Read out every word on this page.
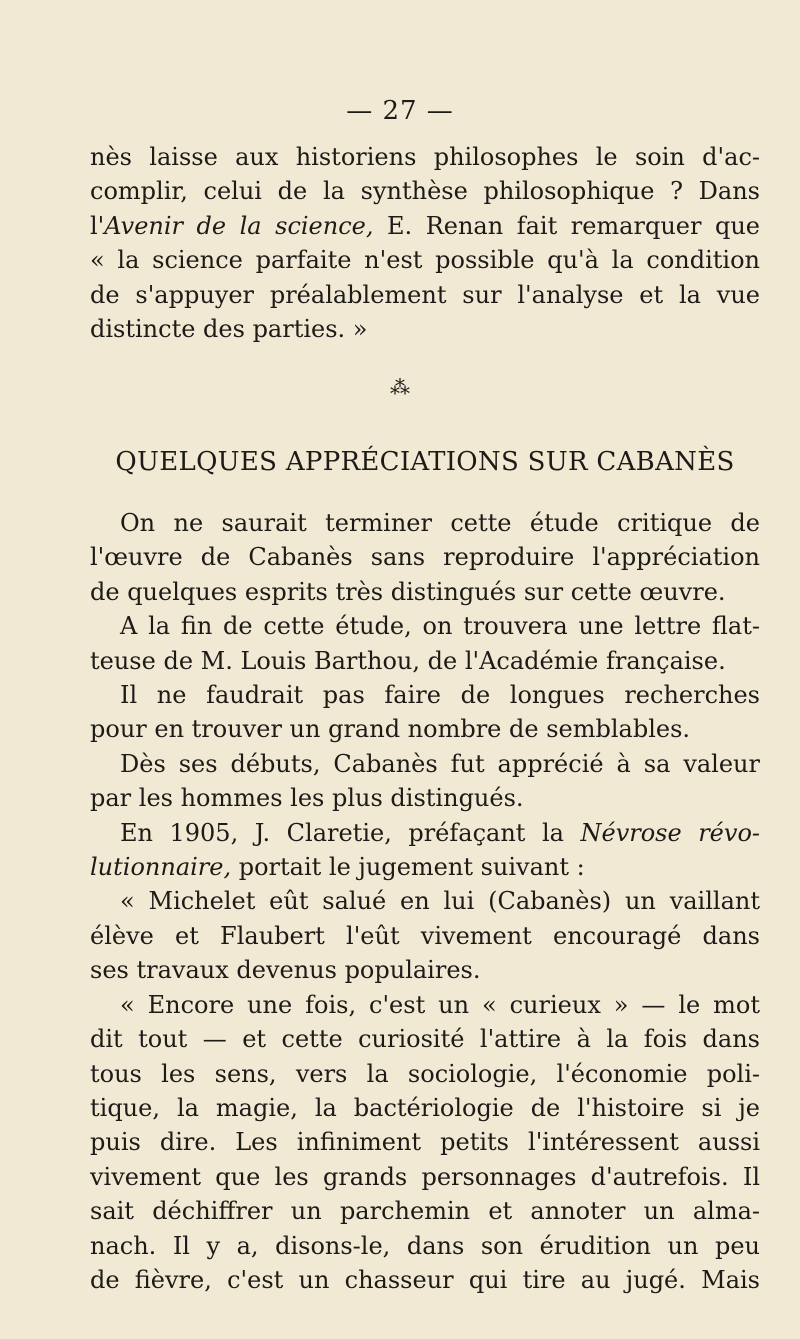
— 27 —
nès laisse aux historiens philosophes le soin d'ac-
complir, celui de la synthèse philosophique ? Dans
l'Avenir de la science, E. Renan fait remarquer que
« la science parfaite n'est possible qu'à la condition
de s'appuyer préalablement sur l'analyse et la vue
distincte des parties. »
⁂
QUELQUES APPRÉCIATIONS SUR CABANÈS
On ne saurait terminer cette étude critique de
l'œuvre de Cabanès sans reproduire l'appréciation
de quelques esprits très distingués sur cette œuvre.
A la fin de cette étude, on trouvera une lettre flat-
teuse de M. Louis Barthou, de l'Académie française.
Il ne faudrait pas faire de longues recherches
pour en trouver un grand nombre de semblables.
Dès ses débuts, Cabanès fut apprécié à sa valeur
par les hommes les plus distingués.
En 1905, J. Claretie, préfaçant la Névrose révo-
lutionnaire, portait le jugement suivant :
« Michelet eût salué en lui (Cabanès) un vaillant
élève et Flaubert l'eût vivement encouragé dans
ses travaux devenus populaires.
« Encore une fois, c'est un « curieux » — le mot
dit tout — et cette curiosité l'attire à la fois dans
tous les sens, vers la sociologie, l'économie poli-
tique, la magie, la bactériologie de l'histoire si je
puis dire. Les infiniment petits l'intéressent aussi
vivement que les grands personnages d'autrefois. Il
sait déchiffrer un parchemin et annoter un alma-
nach. Il y a, disons-le, dans son érudition un peu
de fièvre, c'est un chasseur qui tire au jugé. Mais
